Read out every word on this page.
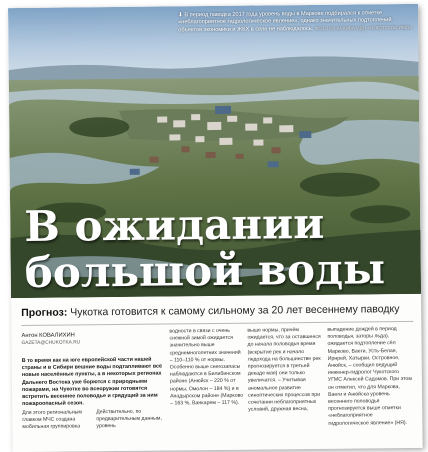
⬇ В период паводка 2017 года уровень воды в Маркове подбирался к отметке «неблагоприятное гидрологическое явление», однако значительных подтоплений объектов экономики и ЖКХ в селе не наблюдалось. ФОТО ИЗ АРХИВА ИДН «ЧУКОТСКОЕ ИМО»
В ожидании
большой воды
Прогноз: Чукотка готовится к самому сильному за 20 лет весеннему паводку
Антон КОВАЛИХИН
GAZETA@CHUKOTKA.RU

В то время как на юге европейской части нашей страны и в Сибири вешние воды подтапливают всё новые населённые пункты, а в некоторых регионах Дальнего Востока уже борются с природными пожарами, на Чукотке во всеоружии готовятся встретить весеннее половодье и грядущий за ним пожароопасный сезон.

Для этого региональным главком МЧС создана мобильная группировка

Действительно, по предварительным данным, уровень

водности в связи с очень снежной зимой ожидается значительно выше среднемноголетних значений – 110–110 % от нормы. Особенно выше снегозапасы наблюдаются в Билибинском районе (Анюйск – 220 % от нормы, Омолон – 184 %) и в Анадырском районе (Марково – 163 %, Ванкарем – 117 %).

выше нормы, причём ожидается, что за оставшееся до начала половодья время (вскрытие рек и начало ледохода на большинстве рек прогнозируется в третьей декаде мая) они только увеличатся. – Учитывая аномальное развитие синоптических процессов при сочетании неблагоприятных условий, дружная весна,

выпадение дождей в период половодья, заторы льда), ожидается подтопление сёл Марково, Ваеги, Усть-Белая, Ирнрей, Хатырки, Островное, Анюйск, – сообщил ведущий инженер-гидролог Чукотского УГМС Алексей Садомов. При этом он отметил, что для Маркова, Ваеги и Анюйска уровень весеннего половодья прогнозируется выше отметки «неблагоприятное гидрологическое явление» (НЯ).
